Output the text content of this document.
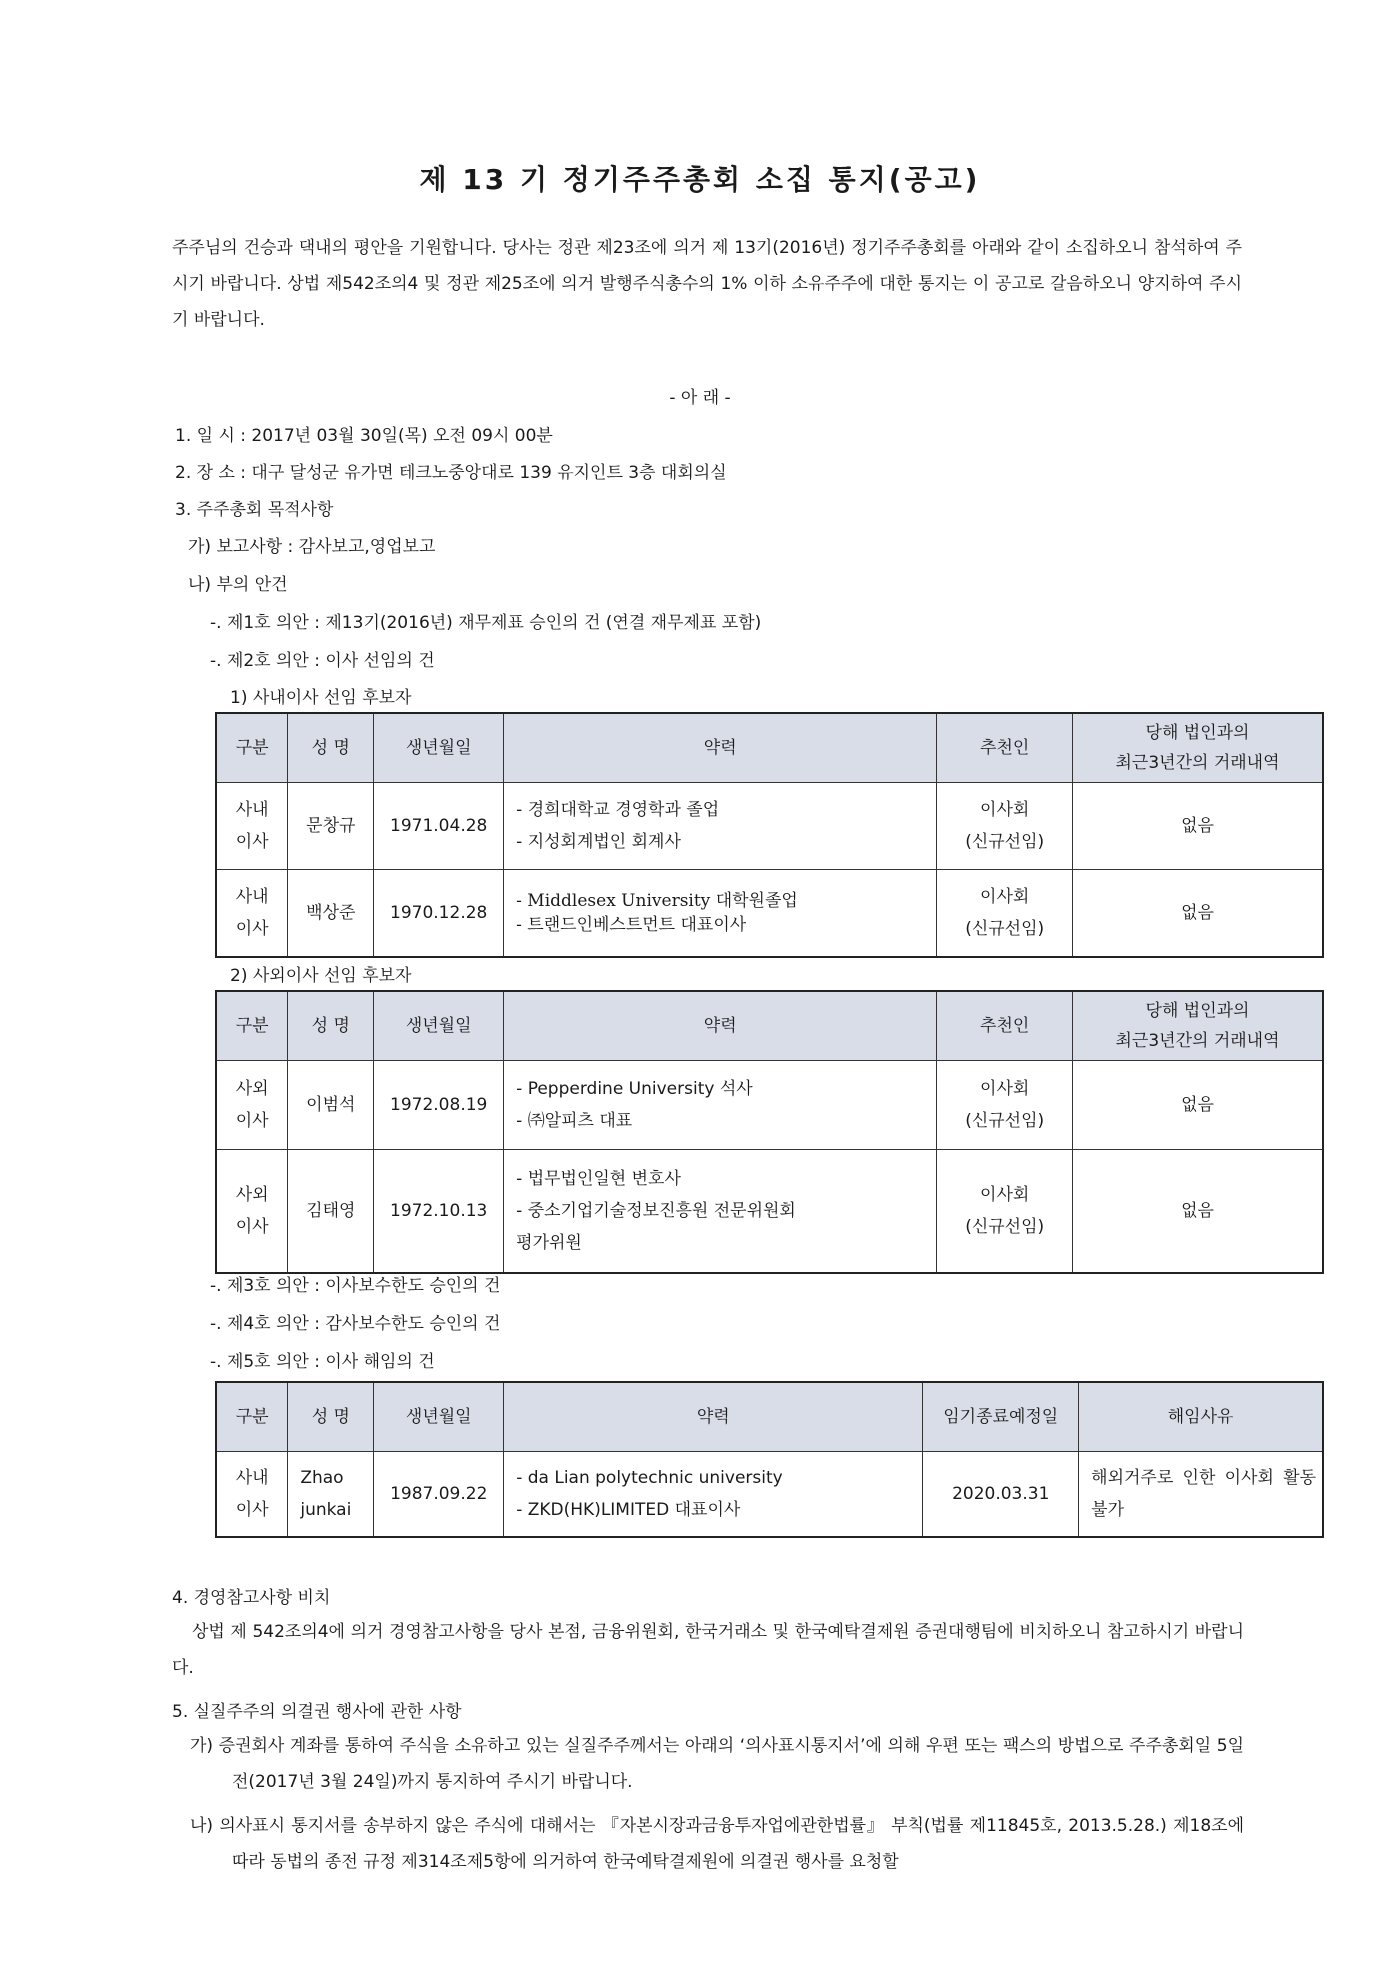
제 13 기 정기주주총회 소집 통지(공고)
주주님의 건승과 댁내의 평안을 기원합니다. 당사는 정관 제23조에 의거 제 13기(2016년) 정기주주총회를 아래와 같이 소집하오니 참석하여 주시기 바랍니다. 상법 제542조의4 및 정관 제25조에 의거 발행주식총수의 1% 이하 소유주주에 대한 통지는 이 공고로 갈음하오니 양지하여 주시기 바랍니다.
- 아 래 -
1. 일 시 : 2017년 03월 30일(목) 오전 09시 00분
2. 장 소 : 대구 달성군 유가면 테크노중앙대로 139 유지인트 3층 대회의실
3. 주주총회 목적사항
가) 보고사항 : 감사보고,영업보고
나) 부의 안건
-. 제1호 의안 : 제13기(2016년) 재무제표 승인의 건 (연결 재무제표 포함)
-. 제2호 의안 : 이사 선임의 건
1) 사내이사 선임 후보자
구분	성 명	생년월일	약력	추천인	당해 법인과의
최근3년간의 거래내역
사내
이사	문창규	1971.04.28	- 경희대학교 경영학과 졸업
- 지성회계법인 회계사	이사회
(신규선임)	없음
사내
이사	백상준	1970.12.28	- Middlesex University 대학원졸업
- 트랜드인베스트먼트 대표이사	이사회
(신규선임)	없음
2) 사외이사 선임 후보자
구분	성 명	생년월일	약력	추천인	당해 법인과의
최근3년간의 거래내역
사외
이사	이범석	1972.08.19	- Pepperdine University 석사
- ㈜알피츠 대표	이사회
(신규선임)	없음
사외
이사	김태영	1972.10.13	- 법무법인일현 변호사
- 중소기업기술정보진흥원 전문위원회
평가위원	이사회
(신규선임)	없음
-. 제3호 의안 : 이사보수한도 승인의 건
-. 제4호 의안 : 감사보수한도 승인의 건
-. 제5호 의안 : 이사 해임의 건
구분	성 명	생년월일	약력	임기종료예정일	해임사유
사내
이사	Zhao
junkai	1987.09.22	- da Lian polytechnic university
- ZKD(HK)LIMITED 대표이사	2020.03.31	해외거주로 인한 이사회 활동 불가
4. 경영참고사항 비치
상법 제 542조의4에 의거 경영참고사항을 당사 본점, 금융위원회, 한국거래소 및 한국예탁결제원 증권대행팀에 비치하오니 참고하시기 바랍니다.
5. 실질주주의 의결권 행사에 관한 사항
가) 증권회사 계좌를 통하여 주식을 소유하고 있는 실질주주께서는 아래의 ‘의사표시통지서’에 의해 우편 또는 팩스의 방법으로 주주총회일 5일전(2017년 3월 24일)까지 통지하여 주시기 바랍니다.
나) 의사표시 통지서를 송부하지 않은 주식에 대해서는 『자본시장과금융투자업에관한법률』 부칙(법률 제11845호, 2013.5.28.) 제18조에 따라 동법의 종전 규정 제314조제5항에 의거하여 한국예탁결제원에 의결권 행사를 요청할
